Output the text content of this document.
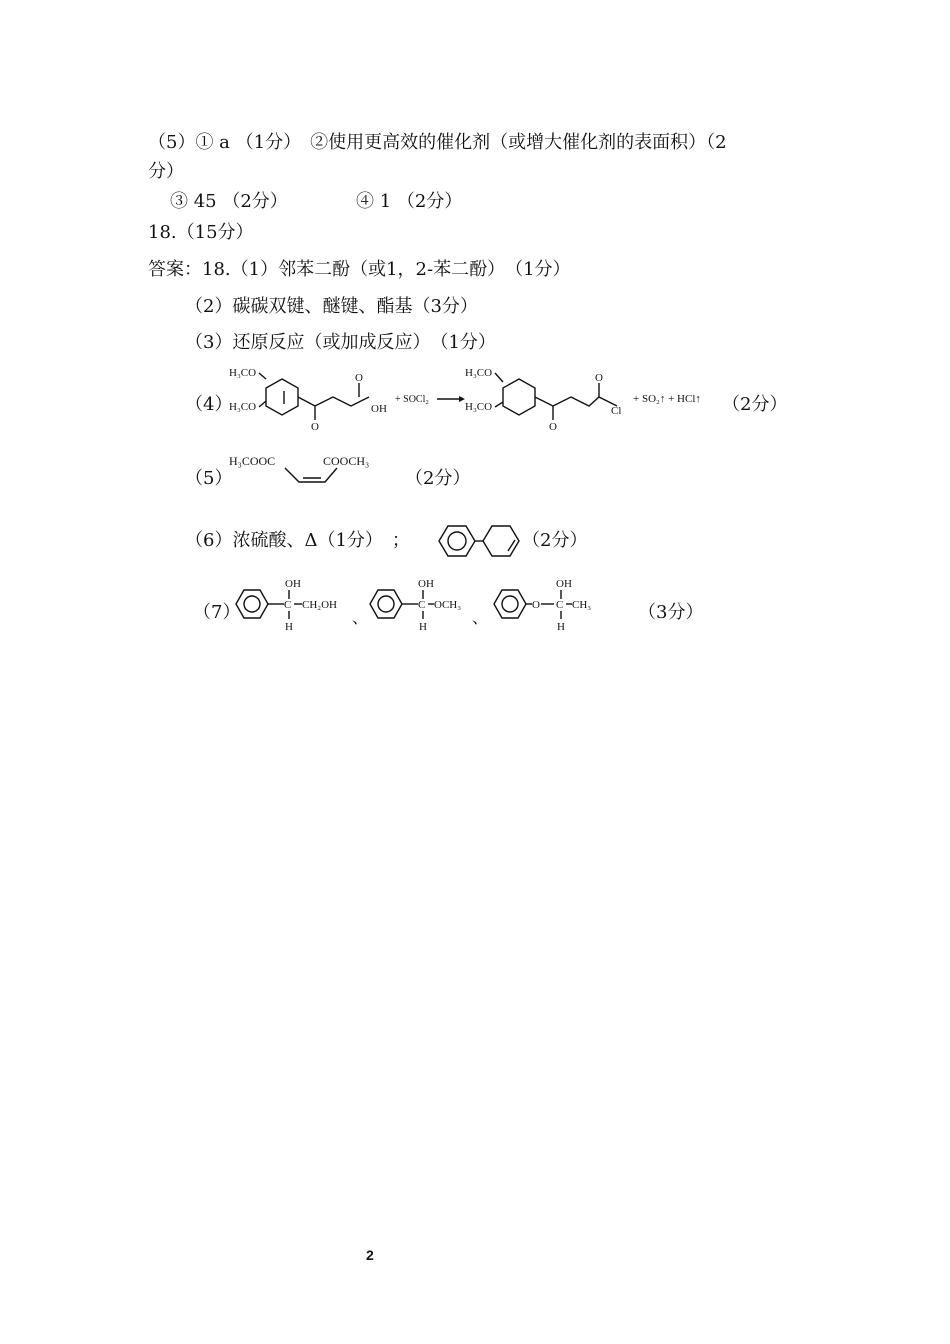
（5）① a （1分）　②使用更高效的催化剂（或增大催化剂的表面积）（2
分）
③ 45 （2分）	④ 1 （2分）
18.（15分）
答案：18.（1）邻苯二酚（或1，2-苯二酚）　（1分）
（2）碳碳双键、醚键、酯基（3分）
（3）还原反应（或加成反应）　（1分）
（4）
H₃CO
H₃CO
O
O
OH
+ SOCl₂
H₃CO
H₃CO
O
O
Cl
+ SO₂↑ + HCl↑ （2分）
（5）
H₃COOC	COOCH₃
（2分）
（6）浓硫酸、Δ（1分）　；	（2分）
（7）
OH
C CH₂OH
H	、
OH
C OCH₃
H	、
O
OH
C CH₃
H
（3分）
2
